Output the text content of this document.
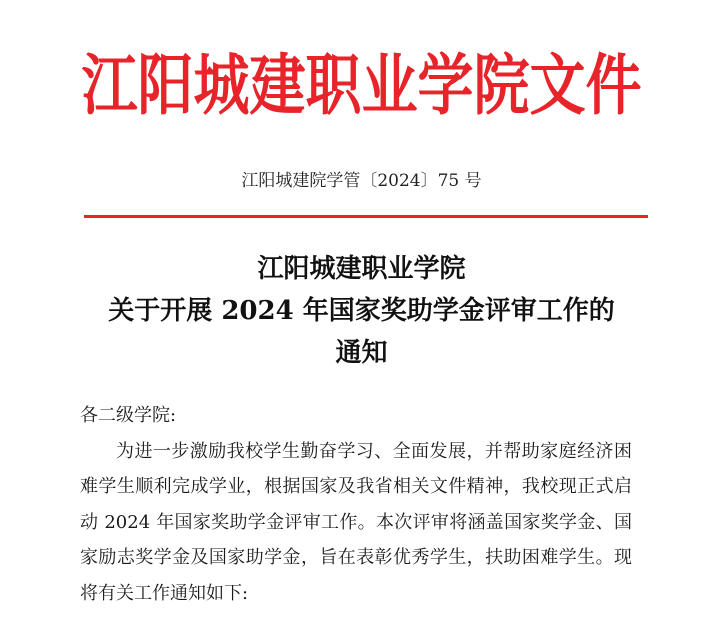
江阳城建职业学院文件
江阳城建院学管〔2024〕75 号
江阳城建职业学院
关于开展 2024 年国家奖助学金评审工作的
通知
各二级学院:

为进一步激励我校学生勤奋学习、全面发展，并帮助家庭经济困难学生顺利完成学业，根据国家及我省相关文件精神，我校现正式启动 2024 年国家奖助学金评审工作。本次评审将涵盖国家奖学金、国家励志奖学金及国家助学金，旨在表彰优秀学生，扶助困难学生。现将有关工作通知如下:
